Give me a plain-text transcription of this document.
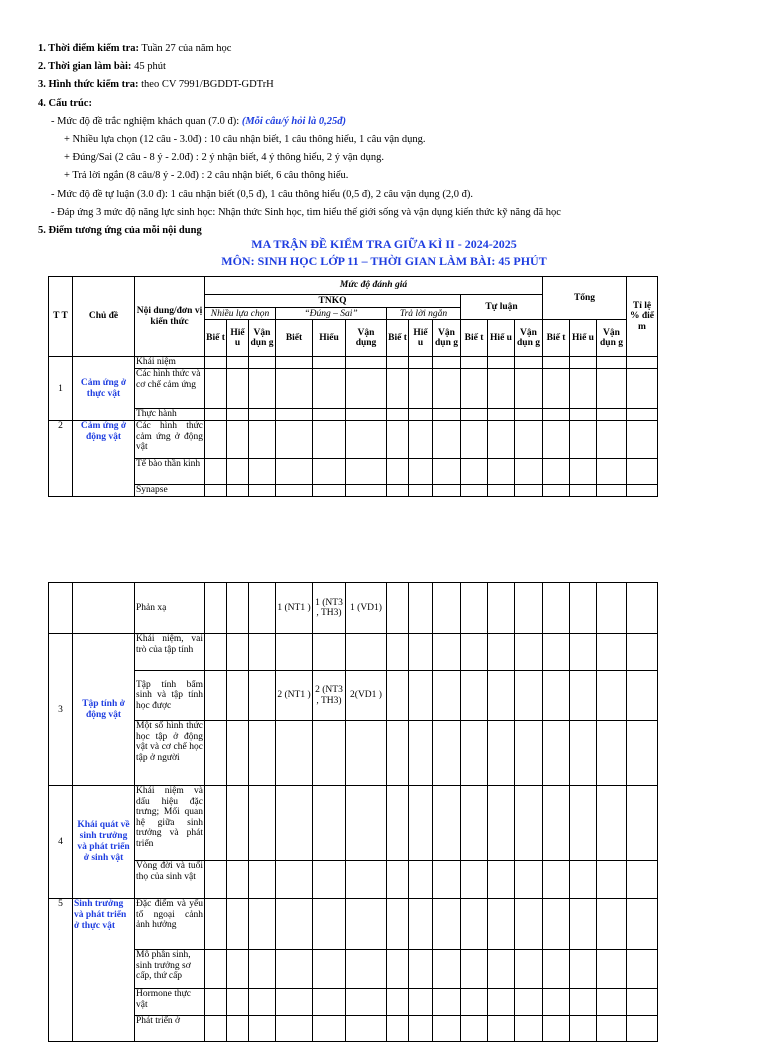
1. Thời điểm kiểm tra: Tuần 27 của năm học
2. Thời gian làm bài: 45 phút
3. Hình thức kiểm tra: theo CV 7991/BGDDT-GDTrH
4. Cấu trúc:
- Mức độ đề trắc nghiệm khách quan (7.0 đ): (Mỗi câu/ý hỏi là 0,25đ)
+ Nhiều lựa chọn (12 câu - 3.0đ) : 10 câu nhận biết, 1 câu thông hiểu, 1 câu vận dụng.
+ Đúng/Sai (2 câu - 8 ý - 2.0đ) : 2 ý nhận biết, 4 ý thông hiểu, 2 ý vận dụng.
+ Trả lời ngắn (8 câu/8 ý - 2.0đ) : 2 câu nhận biết, 6 câu thông hiểu.
- Mức độ đề tự luận (3.0 đ): 1 câu nhận biết (0,5 đ), 1 câu thông hiểu (0,5 đ), 2 câu vận dụng (2,0 đ).
- Đáp ứng 3 mức độ năng lực sinh học: Nhận thức Sinh học, tìm hiểu thế giới sống và vận dụng kiến thức kỹ năng đã học
5. Điểm tương ứng của mỗi nội dung
MA TRẬN ĐỀ KIỂM TRA GIỮA KÌ II - 2024-2025
MÔN: SINH HỌC LỚP 11 – THỜI GIAN LÀM BÀI: 45 PHÚT
T T	Chủ đề	Nội dung/đơn vị kiến thức	Mức độ đánh giá												Tổng			Tỉ lệ % điể m
			TNKQ									Tự luận						
			Nhiều lựa chọn			“Đúng – Sai”			Trả lời ngắn									
			Biế t	Hiể u	Vận dụn g	Biết	Hiểu	Vận dụng	Biế t	Hiể u	Vận dụn g	Biế t	Hiể u	Vận dụn g	Biế t	Hiể u	Vận dụn g	
1	Cảm ứng ở thực vật	Khái niệm																
		Các hình thức và cơ chế cảm ứng																
		Thực hành																
2	Cảm ứng ở động vật	Các hình thức cảm ứng ở động vật																
		Tế bào thần kinh																
		Synapse																
		Phản xạ				1 (NT1 )	1 (NT3 , TH3)	1 (VD1)										
3	Tập tính ở động vật	Khái niệm, vai trò của tập tính																
		Tập tính bẩm sinh và tập tính học được				2 (NT1 )	2 (NT3 , TH3)	2(VD1 )										
		Một số hình thức học tập ở động vật và cơ chế học tập ở người																
4	Khái quát về sinh trưởng và phát triển ở sinh vật	Khái niệm và dấu hiệu đặc trưng; Mối quan hệ giữa sinh trưởng và phát triển																
		Vòng đời và tuổi thọ của sinh vật																
5	Sinh trưởng và phát triển ở thực vật	Đặc điểm và yếu tố ngoại cảnh ảnh hưởng																
		Mô phân sinh, sinh trưởng sơ cấp, thứ cấp																
		Hormone thực vật																
		Phát triển ở																
